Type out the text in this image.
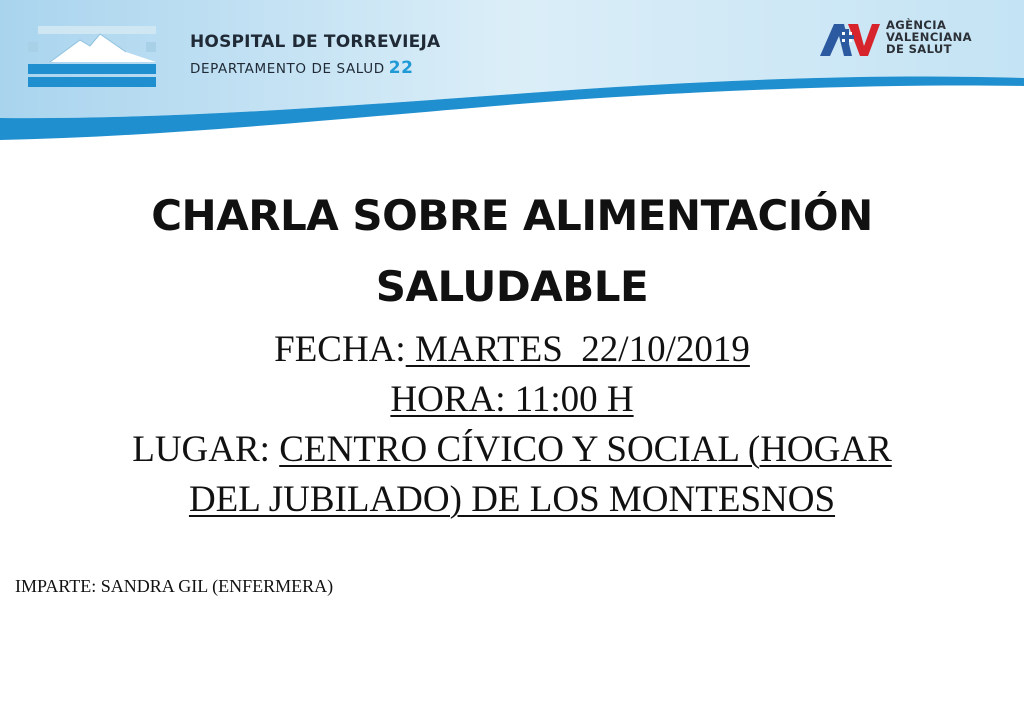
HOSPITAL DE TORREVIEJA
DEPARTAMENTO DE SALUD 22
AGÈNCIA
VALENCIANA
DE SALUT
CHARLA SOBRE ALIMENTACIÓN
SALUDABLE
FECHA: MARTES  22/10/2019
HORA: 11:00 H
LUGAR: CENTRO CÍVICO Y SOCIAL (HOGAR
DEL JUBILADO) DE LOS MONTESNOS
IMPARTE: SANDRA GIL (ENFERMERA)
